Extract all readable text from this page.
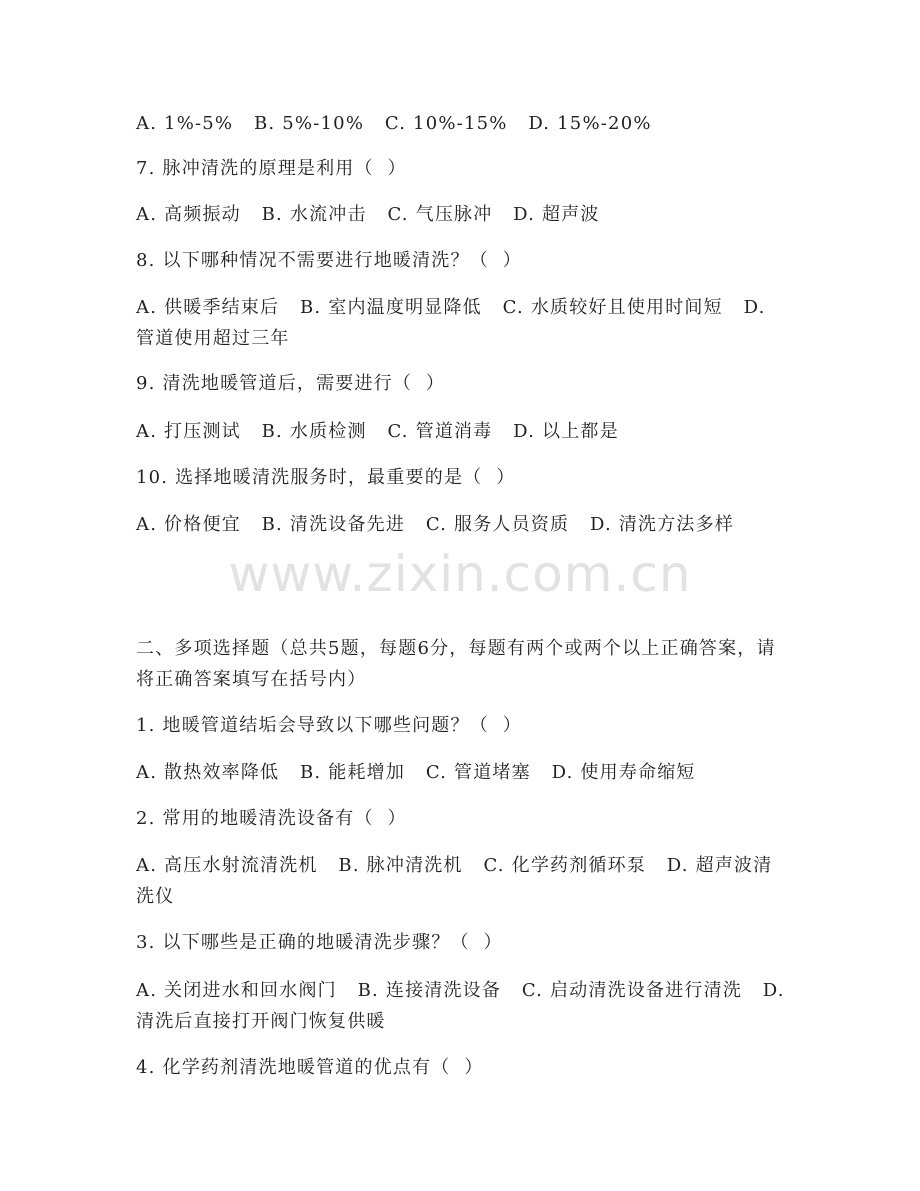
A. 1%-5%   B. 5%-10%   C. 10%-15%   D. 15%-20%
7. 脉冲清洗的原理是利用（  ）
A. 高频振动   B. 水流冲击   C. 气压脉冲   D. 超声波
8. 以下哪种情况不需要进行地暖清洗？（  ）
A. 供暖季结束后   B. 室内温度明显降低   C. 水质较好且使用时间短   D. 管道使用超过三年
9. 清洗地暖管道后，需要进行（  ）
A. 打压测试   B. 水质检测   C. 管道消毒   D. 以上都是
10. 选择地暖清洗服务时，最重要的是（  ）
A. 价格便宜   B. 清洗设备先进   C. 服务人员资质   D. 清洗方法多样
www.zixin.com.cn
二、多项选择题（总共5题，每题6分，每题有两个或两个以上正确答案，请将正确答案填写在括号内）
1. 地暖管道结垢会导致以下哪些问题？（  ）
A. 散热效率降低   B. 能耗增加   C. 管道堵塞   D. 使用寿命缩短
2. 常用的地暖清洗设备有（  ）
A. 高压水射流清洗机   B. 脉冲清洗机   C. 化学药剂循环泵   D. 超声波清洗仪
3. 以下哪些是正确的地暖清洗步骤？（  ）
A. 关闭进水和回水阀门   B. 连接清洗设备   C. 启动清洗设备进行清洗   D. 清洗后直接打开阀门恢复供暖
4. 化学药剂清洗地暖管道的优点有（  ）
